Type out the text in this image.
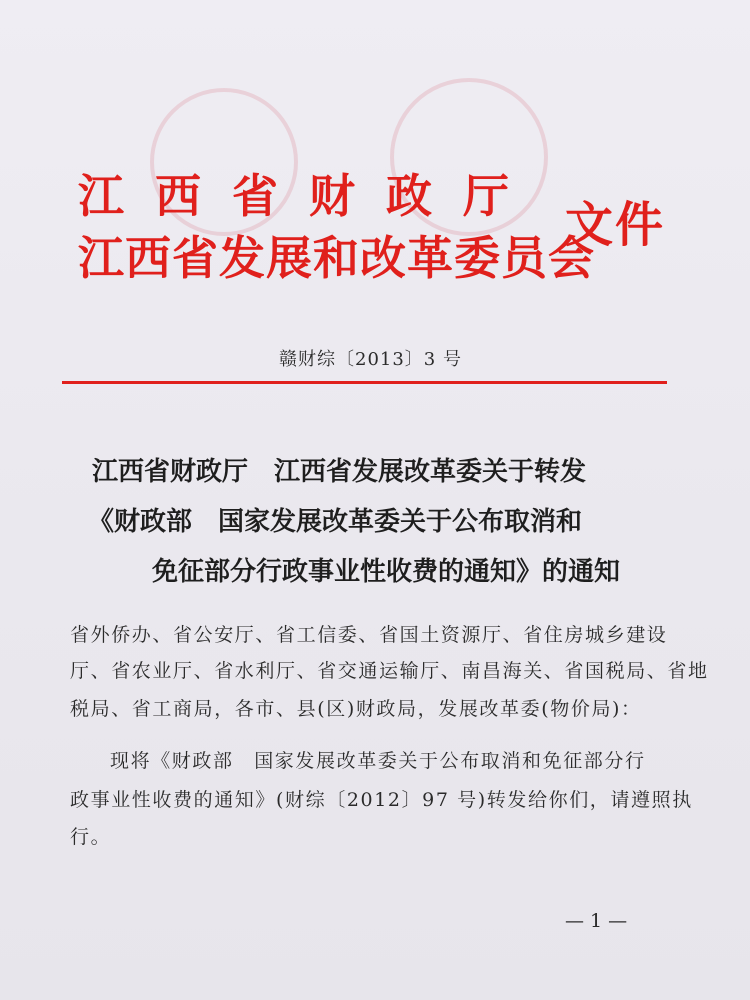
江西省财政厅
江西省发展和改革委员会
文件
赣财综〔2013〕3 号
江西省财政厅　江西省发展改革委关于转发
《财政部　国家发展改革委关于公布取消和
免征部分行政事业性收费的通知》的通知
省外侨办、省公安厅、省工信委、省国土资源厅、省住房城乡建设
厅、省农业厅、省水利厅、省交通运输厅、南昌海关、省国税局、省地
税局、省工商局，各市、县(区)财政局，发展改革委(物价局)：
现将《财政部　国家发展改革委关于公布取消和免征部分行
政事业性收费的通知》(财综〔2012〕97 号)转发给你们，请遵照执
行。
— 1 —
